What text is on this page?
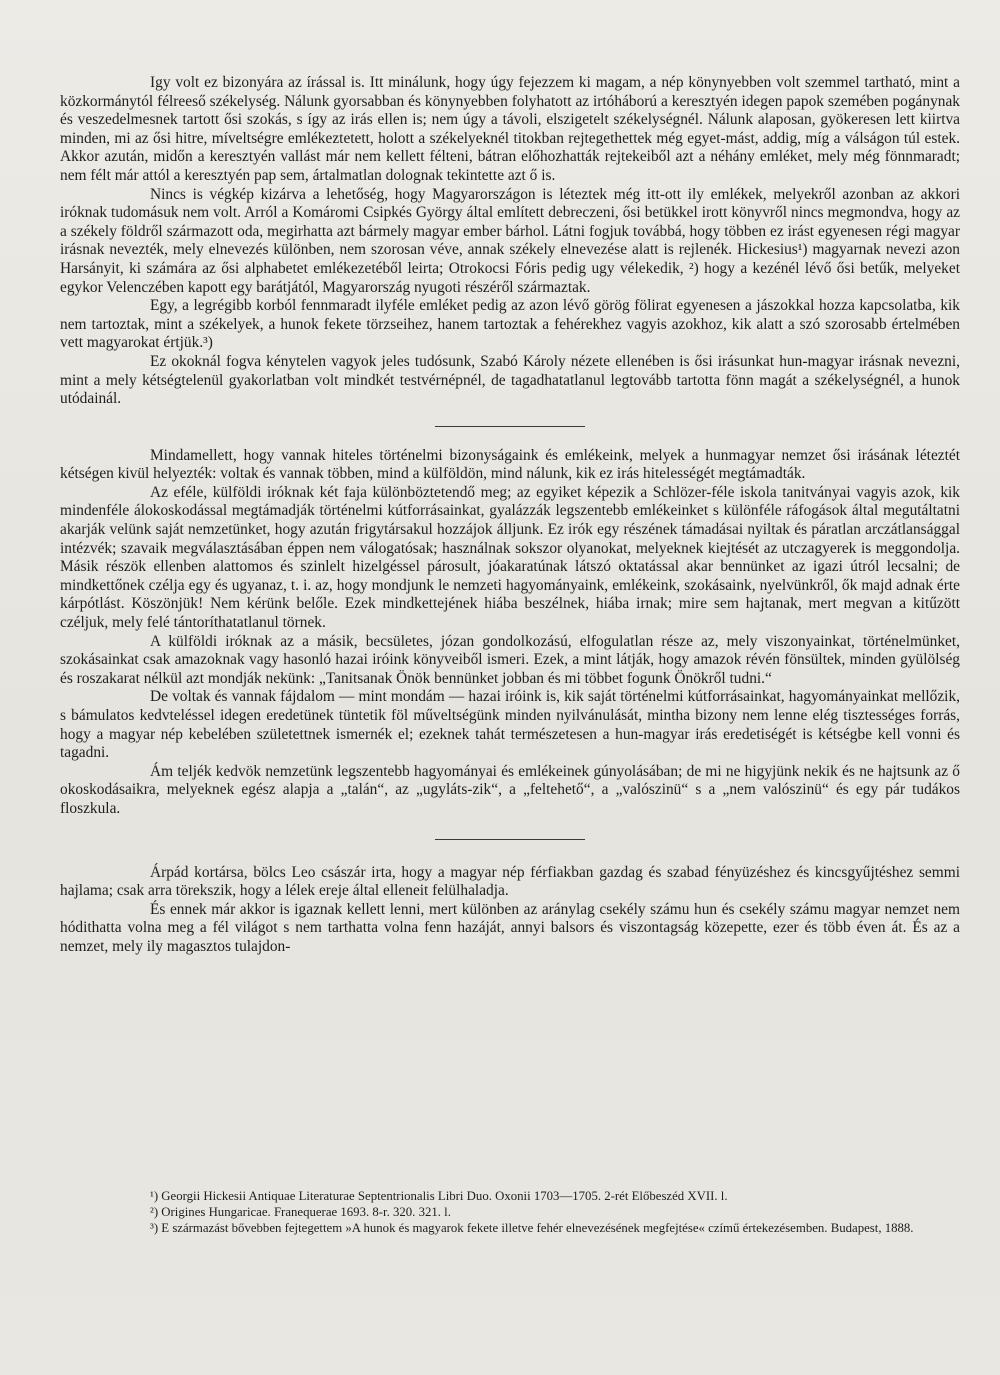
Igy volt ez bizonyára az írással is. Itt minálunk, hogy úgy fejezzem ki magam, a nép könynyebben volt szemmel tartható, mint a közkormánytól félreeső székelység. Nálunk gyorsabban és könynyebben folyhatott az irtóháború a keresztyén idegen papok szemében pogánynak és veszedelmesnek tartott ősi szokás, s így az irás ellen is; nem úgy a távoli, elszigetelt székelységnél. Nálunk alaposan, gyökeresen lett kiirtva minden, mi az ősi hitre, míveltségre emlékeztetett, holott a székelyeknél titokban rejtegethettek még egyet-mást, addig, míg a válságon túl estek. Akkor azután, midőn a keresztyén vallást már nem kellett félteni, bátran előhozhatták rejtekeiből azt a néhány emléket, mely még fönnmaradt; nem félt már attól a keresztyén pap sem, ártalmatlan dolognak tekintette azt ő is.

Nincs is végkép kizárva a lehetőség, hogy Magyarországon is léteztek még itt-ott ily emlékek, melyekről azonban az akkori iróknak tudomásuk nem volt. Arról a Komáromi Csipkés György által említett debreczeni, ősi betükkel irott könyvről nincs megmondva, hogy az a székely földről származott oda, megirhatta azt bármely magyar ember bárhol. Látni fogjuk továbbá, hogy többen ez irást egyenesen régi magyar irásnak nevezték, mely elnevezés különben, nem szorosan véve, annak székely elnevezése alatt is rejlenék. Hickesius¹) magyarnak nevezi azon Harsányit, ki számára az ősi alphabetet emlékezetéből leirta; Otrokocsi Fóris pedig ugy vélekedik, ²) hogy a kezénél lévő ősi betűk, melyeket egykor Velenczében kapott egy barátjától, Magyarország nyugoti részéről származtak.

Egy, a legrégibb korból fennmaradt ilyféle emléket pedig az azon lévő görög fölirat egyenesen a jászokkal hozza kapcsolatba, kik nem tartoztak, mint a székelyek, a hunok fekete törzseihez, hanem tartoztak a fehérekhez vagyis azokhoz, kik alatt a szó szorosabb értelmében vett magyarokat értjük.³)

Ez okoknál fogva kénytelen vagyok jeles tudósunk, Szabó Károly nézete ellenében is ősi irásunkat hun-magyar irásnak nevezni, mint a mely kétségtelenül gyakorlatban volt mindkét testvérnépnél, de tagadhatatlanul legtovább tartotta fönn magát a székelységnél, a hunok utódainál.

Mindamellett, hogy vannak hiteles történelmi bizonyságaink és emlékeink, melyek a hunmagyar nemzet ősi irásának léteztét kétségen kivül helyezték: voltak és vannak többen, mind a külföldön, mind nálunk, kik ez irás hitelességét megtámadták.

Az eféle, külföldi iróknak két faja különböztetendő meg; az egyiket képezik a Schlözer-féle iskola tanitványai vagyis azok, kik mindenféle álokoskodással megtámadják történelmi kútforrásainkat, gyalázzák legszentebb emlékeinket s különféle ráfogások által megutáltatni akarják velünk saját nemzetünket, hogy azután frigytársakul hozzájok álljunk. Ez irók egy részének támadásai nyiltak és páratlan arczátlansággal intézvék; szavaik megválasztásában éppen nem válogatósak; használnak sokszor olyanokat, melyeknek kiejtését az utczagyerek is meggondolja. Másik részök ellenben alattomos és szinlelt hizelgéssel párosult, jóakaratúnak látszó oktatással akar bennünket az igazi útról lecsalni; de mindkettőnek czélja egy és ugyanaz, t. i. az, hogy mondjunk le nemzeti hagyományaink, emlékeink, szokásaink, nyelvünkről, ők majd adnak érte kárpótlást. Köszönjük! Nem kérünk belőle. Ezek mindkettejének hiába beszélnek, hiába irnak; mire sem hajtanak, mert megvan a kitűzött czéljuk, mely felé tántoríthatatlanul törnek.

A külföldi iróknak az a másik, becsületes, józan gondolkozású, elfogulatlan része az, mely viszonyainkat, történelmünket, szokásainkat csak amazoknak vagy hasonló hazai iróink könyveiből ismeri. Ezek, a mint látják, hogy amazok révén fönsültek, minden gyülölség és roszakarat nélkül azt mondják nekünk: „Tanitsanak Önök bennünket jobban és mi többet fogunk Önökről tudni.“

De voltak és vannak fájdalom — mint mondám — hazai iróink is, kik saját történelmi kútforrásainkat, hagyományainkat mellőzik, s bámulatos kedvteléssel idegen eredetünek tüntetik föl műveltségünk minden nyilvánulását, mintha bizony nem lenne elég tisztességes forrás, hogy a magyar nép kebelében születettnek ismernék el; ezeknek tahát természetesen a hun-magyar irás eredetiségét is kétségbe kell vonni és tagadni.

Ám teljék kedvök nemzetünk legszentebb hagyományai és emlékeinek gúnyolásában; de mi ne higyjünk nekik és ne hajtsunk az ő okoskodásaikra, melyeknek egész alapja a „talán“, az „ugyláts-zik“, a „feltehető“, a „valószinü“ s a „nem valószinü“ és egy pár tudákos floszkula.

Árpád kortársa, bölcs Leo császár irta, hogy a magyar nép férfiakban gazdag és szabad fényüzéshez és kincsgyűjtéshez semmi hajlama; csak arra törekszik, hogy a lélek ereje által elleneit felülhaladja.

És ennek már akkor is igaznak kellett lenni, mert különben az aránylag csekély számu hun és csekély számu magyar nemzet nem hódithatta volna meg a fél világot s nem tarthatta volna fenn hazáját, annyi balsors és viszontagság közepette, ezer és több éven át. És az a nemzet, mely ily magasztos tulajdon-

¹) Georgii Hickesii Antiquae Literaturae Septentrionalis Libri Duo. Oxonii 1703—1705. 2-rét Előbeszéd XVII. l.

²) Origines Hungaricae. Franequerae 1693. 8-r. 320. 321. l.

³) E származást bővebben fejtegettem »A hunok és magyarok fekete illetve fehér elnevezésének megfejtése« czímű értekezésemben. Budapest, 1888.
